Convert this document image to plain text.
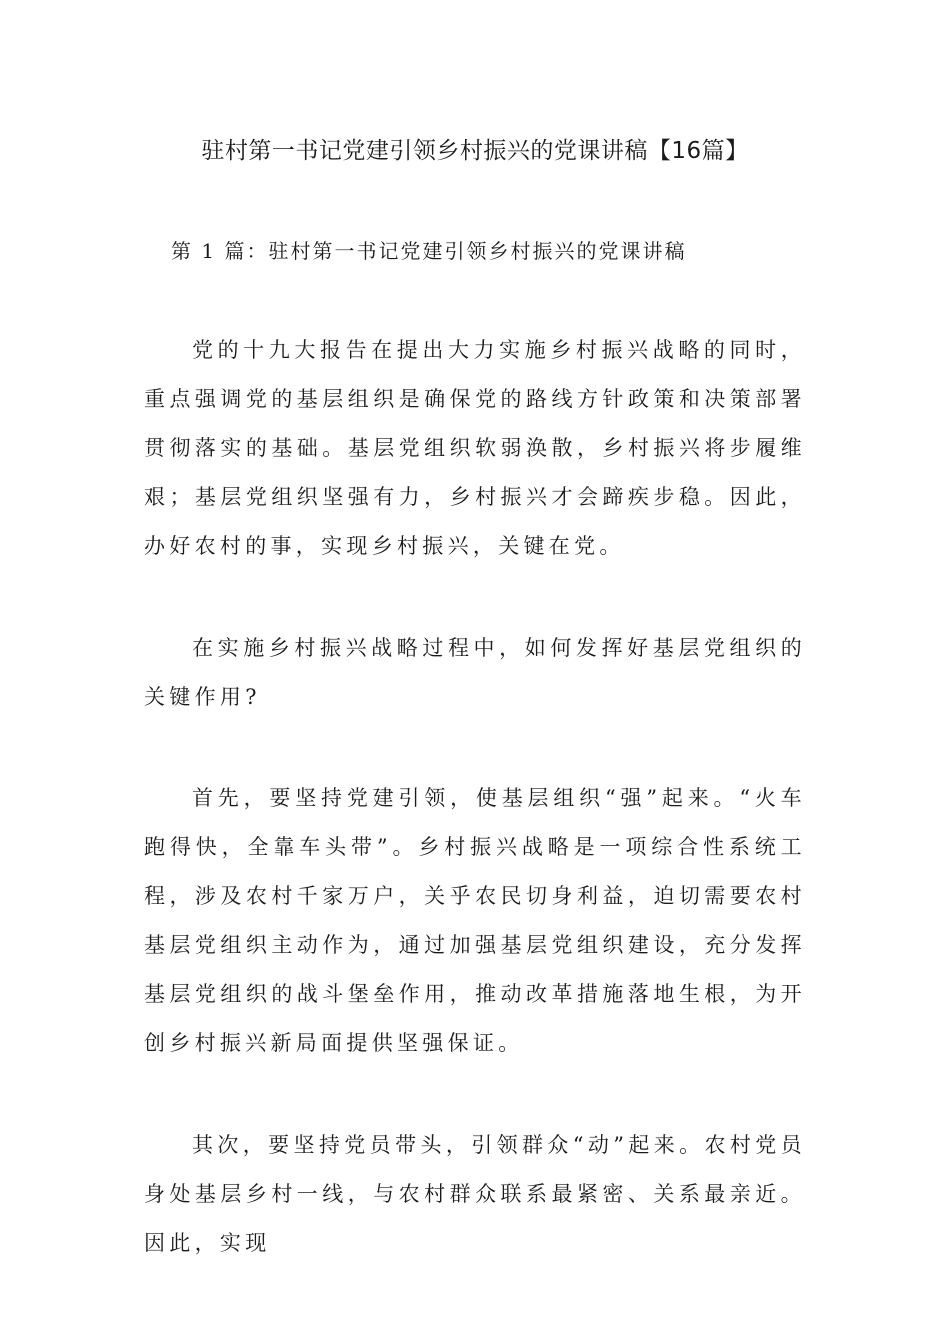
驻村第一书记党建引领乡村振兴的党课讲稿【16篇】

第 1 篇：驻村第一书记党建引领乡村振兴的党课讲稿

党的十九大报告在提出大力实施乡村振兴战略的同时，重点强调党的基层组织是确保党的路线方针政策和决策部署贯彻落实的基础。基层党组织软弱涣散，乡村振兴将步履维艰；基层党组织坚强有力，乡村振兴才会蹄疾步稳。因此，办好农村的事，实现乡村振兴，关键在党。

在实施乡村振兴战略过程中，如何发挥好基层党组织的关键作用?

首先，要坚持党建引领，使基层组织“强”起来。“火车跑得快，全靠车头带”。乡村振兴战略是一项综合性系统工程，涉及农村千家万户，关乎农民切身利益，迫切需要农村基层党组织主动作为，通过加强基层党组织建设，充分发挥基层党组织的战斗堡垒作用，推动改革措施落地生根，为开创乡村振兴新局面提供坚强保证。

其次，要坚持党员带头，引领群众“动”起来。农村党员身处基层乡村一线，与农村群众联系最紧密、关系最亲近。因此，实现
